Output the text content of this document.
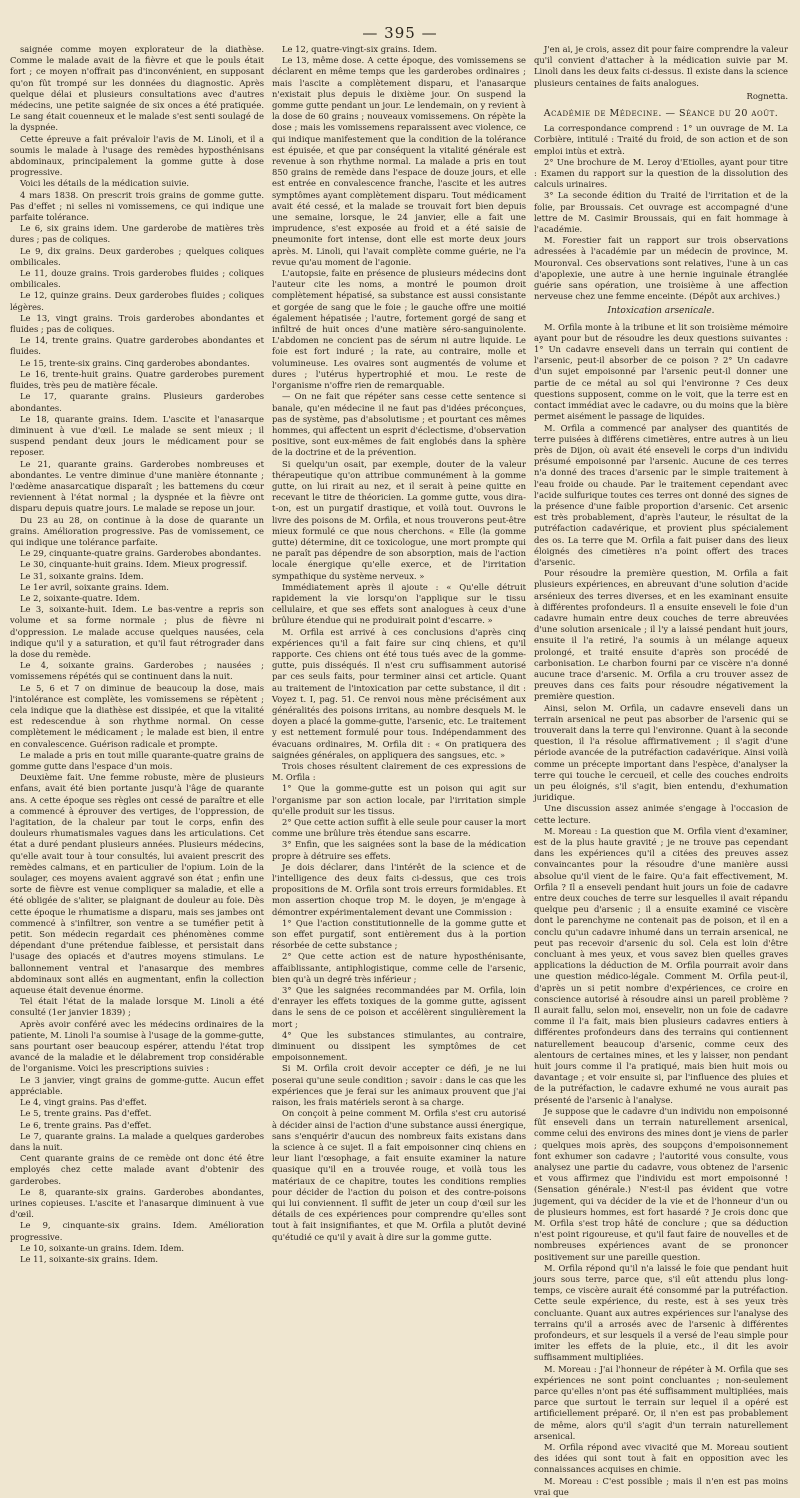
— 395 —

saignée comme moyen explorateur de la diathèse. Comme le malade avait de la fièvre et que le pouls était fort ; ce moyen n'offrait pas d'inconvénient, en supposant qu'on fût trompé sur les données du diagnostic. Après quelque délai et plusieurs consultations avec d'autres médecins, une petite saignée de six onces a été pratiquée. Le sang était couenneux et le malade s'est senti soulagé de la dyspnée.

Cette épreuve a fait prévaloir l'avis de M. Linoli, et il a soumis le malade à l'usage des remèdes hyposthénisans abdominaux, principalement la gomme gutte à dose progressive.

Voici les détails de la médication suivie.

4 mars 1838. On prescrit trois grains de gomme gutte. Pas d'effet ; ni selles ni vomissemens, ce qui indique une parfaite tolérance.

Le 6, six grains idem. Une garderobe de matières très dures ; pas de coliques.

Le 9, dix grains. Deux garderobes ; quelques coliques ombilicales.

Le 11, douze grains. Trois garderobes fluides ; coliques ombilicales.

Le 12, quinze grains. Deux garderobes fluides ; coliques légères.

Le 13, vingt grains. Trois garderobes abondantes et fluides ; pas de coliques.

Le 14, trente grains. Quatre garderobes abondantes et fluides.

Le 15, trente-six grains. Cinq garderobes abondantes.

Le 16, trente-huit grains. Quatre garderobes purement fluides, très peu de matière fécale.

Le 17, quarante grains. Plusieurs garderobes abondantes.

Le 18, quarante grains. Idem. L'ascite et l'anasarque diminuent à vue d'œil. Le malade se sent mieux ; il suspend pendant deux jours le médicament pour se reposer.

Le 21, quarante grains. Garderobes nombreuses et abondantes. Le ventre diminue d'une manière étonnante ; l'œdème anasarcatique disparaît ; les battemens du cœur reviennent à l'état normal ; la dyspnée et la fièvre ont disparu depuis quatre jours. Le malade se repose un jour.

Du 23 au 28, on continue à la dose de quarante un grains. Amélioration progressive. Pas de vomissement, ce qui indique une tolérance parfaite.

Le 29, cinquante-quatre grains. Garderobes abondantes.

Le 30, cinquante-huit grains. Idem. Mieux progressif.

Le 31, soixante grains. Idem.

Le 1er avril, soixante grains. Idem.

Le 2, soixante-quatre. Idem.

Le 3, soixante-huit. Idem. Le bas-ventre a repris son volume et sa forme normale ; plus de fièvre ni d'oppression. Le malade accuse quelques nausées, cela indique qu'il y a saturation, et qu'il faut rétrograder dans la dose du remède.

Le 4, soixante grains. Garderobes ; nausées ; vomissemens répétés qui se continuent dans la nuit.

Le 5, 6 et 7 on diminue de beaucoup la dose, mais l'intolérance est complète, les vomissemens se répètent ; cela indique que la diathèse est dissipée, et que la vitalité est redescendue à son rhythme normal. On cesse complètement le médicament ; le malade est bien, il entre en convalescence. Guérison radicale et prompte.

Le malade a pris en tout mille quarante-quatre grains de gomme gutte dans l'espace d'un mois.

Deuxième fait. Une femme robuste, mère de plusieurs enfans, avait été bien portante jusqu'à l'âge de quarante ans. A cette époque ses règles ont cessé de paraître et elle a commencé à éprouver des vertiges, de l'oppression, de l'agitation, de la chaleur par tout le corps, enfin des douleurs rhumatismales vagues dans les articulations. Cet état a duré pendant plusieurs années. Plusieurs médecins, qu'elle avait tour à tour consultés, lui avaient prescrit des remèdes calmans, et en particulier de l'opium. Loin de la soulager, ces moyens avaient aggravé son état ; enfin une sorte de fièvre est venue compliquer sa maladie, et elle a été obligée de s'aliter, se plaignant de douleur au foie. Dès cette époque le rhumatisme a disparu, mais ses jambes ont commencé à s'infiltrer, son ventre a se tuméfier petit à petit. Son médecin regardait ces phénomènes comme dépendant d'une prétendue faiblesse, et persistait dans l'usage des opiacés et d'autres moyens stimulans. Le ballonnement ventral et l'anasarque des membres abdominaux sont allés en augmentant, enfin la collection aqueuse était devenue énorme.

Tel était l'état de la malade lorsque M. Linoli a été consulté (1er janvier 1839) ;

Après avoir conféré avec les médecins ordinaires de la patiente, M. Linoli l'a soumise à l'usage de la gomme-gutte, sans pourtant oser beaucoup espérer, attendu l'état trop avancé de la maladie et le délabrement trop considérable de l'organisme. Voici les prescriptions suivies :

Le 3 janvier, vingt grains de gomme-gutte. Aucun effet appréciable.

Le 4, vingt grains. Pas d'effet.

Le 5, trente grains. Pas d'effet.

Le 6, trente grains. Pas d'effet.

Le 7, quarante grains. La malade a quelques garderobes dans la nuit.

Cent quarante grains de ce remède ont donc été être employés chez cette malade avant d'obtenir des garderobes.

Le 8, quarante-six grains. Garderobes abondantes, urines copieuses. L'ascite et l'anasarque diminuent à vue d'œil.

Le 9, cinquante-six grains. Idem. Amélioration progressive.

Le 10, soixante-un grains. Idem. Idem.

Le 11, soixante-six grains. Idem.

Le 12, quatre-vingt-six grains. Idem.

Le 13, même dose. A cette époque, des vomissemens se déclarent en même temps que les garderobes ordinaires ; mais l'ascite a complètement disparu, et l'anasarque n'existait plus depuis le dixième jour. On suspend la gomme gutte pendant un jour. Le lendemain, on y revient à la dose de 60 grains ; nouveaux vomissemens. On répète la dose ; mais les vomissemens reparaissent avec violence, ce qui indique manifestement que la condition de la tolérance est épuisée, et que par conséquent la vitalité générale est revenue à son rhythme normal. La malade a pris en tout 850 grains de remède dans l'espace de douze jours, et elle est entrée en convalescence franche, l'ascite et les autres symptômes ayant complètement disparu. Tout médicament avait été cessé, et la malade se trouvait fort bien depuis une semaine, lorsque, le 24 janvier, elle a fait une imprudence, s'est exposée au froid et a été saisie de pneumonite fort intense, dont elle est morte deux jours après. M. Linoli, qui l'avait complète comme guérie, ne l'a revue qu'au moment de l'agonie.

L'autopsie, faite en présence de plusieurs médecins dont l'auteur cite les noms, a montré le poumon droit complètement hépatisé, sa substance est aussi consistante et gorgée de sang que le foie ; le gauche offre une moitié également hépatisée ; l'autre, fortement gorgé de sang et infiltré de huit onces d'une matière séro-sanguinolente. L'abdomen ne concient pas de sérum ni autre liquide. Le foie est fort induré ; la rate, au contraire, molle et volumineuse. Les ovaires sont augmentés de volume et dures ; l'utérus hypertrophié et mou. Le reste de l'organisme n'offre rien de remarquable.

— On ne fait que répéter sans cesse cette sentence si banale, qu'en médecine il ne faut pas d'idées préconçues, pas de système, pas d'absolutisme ; et pourtant ces mêmes hommes, qui affectent un esprit d'éclectisme, d'observation positive, sont eux-mêmes de fait englobés dans la sphère de la doctrine et de la prévention.

Si quelqu'un osait, par exemple, douter de la valeur thérapeutique qu'on attribue communément à la gomme gutte, on lui rirait au nez, et il serait à peine quitte en recevant le titre de théoricien. La gomme gutte, vous dira-t-on, est un purgatif drastique, et voilà tout. Ouvrons le livre des poisons de M. Orfila, et nous trouverons peut-être mieux formulé ce que nous cherchons. « Elle (la gomme gutte) détermine, dit ce toxicologue, une mort prompte qui ne paraît pas dépendre de son absorption, mais de l'action locale énergique qu'elle exerce, et de l'irritation sympathique du système nerveux. »

Immédiatement après il ajoute : « Qu'elle détruit rapidement la vie lorsqu'on l'applique sur le tissu cellulaire, et que ses effets sont analogues à ceux d'une brûlure étendue qui ne produirait point d'escarre. »

M. Orfila est arrivé à ces conclusions d'après cinq expériences qu'il a fait faire sur cinq chiens, et qu'il rapporte. Ces chiens ont été tous tués avec de la gomme-gutte, puis disséqués. Il n'est cru suffisamment autorisé par ces seuls faits, pour terminer ainsi cet article. Quant au traitement de l'intoxication par cette substance, il dit : Voyez t. I, pag. 51. Ce renvoi nous mène précisément aux généralités des poisons irritans, au nombre desquels M. le doyen a placé la gomme-gutte, l'arsenic, etc. Le traitement y est nettement formulé pour tous. Indépendamment des évacuans ordinaires, M. Orfila dit : « On pratiquera des saignées générales, on appliquera des sangsues, etc. »

Trois choses résultent clairement de ces expressions de M. Orfila :

1° Que la gomme-gutte est un poison qui agit sur l'organisme par son action locale, par l'irritation simple qu'elle produit sur les tissus.

2° Que cette action suffit à elle seule pour causer la mort comme une brûlure très étendue sans escarre.

3° Enfin, que les saignées sont la base de la médication propre à détruire ses effets.

Je dois déclarer, dans l'intérêt de la science et de l'intelligence des deux faits ci-dessus, que ces trois propositions de M. Orfila sont trois erreurs formidables. Et mon assertion choque trop M. le doyen, je m'engage à démontrer expérimentalement devant une Commission :

1° Que l'action constitutionnelle de la gomme gutte et son effet purgatif, sont entièrement dus à la portion résorbée de cette substance ;

2° Que cette action est de nature hyposthénisante, affaiblissante, antiphlogistique, comme celle de l'arsenic, bien qu'à un degré très inférieur ;

3° Que les saignées recommandées par M. Orfila, loin d'enrayer les effets toxiques de la gomme gutte, agissent dans le sens de ce poison et accélèrent singulièrement la mort ;

4° Que les substances stimulantes, au contraire, diminuent ou dissipent les symptômes de cet empoisonnement.

Si M. Orfila croit devoir accepter ce défi, je ne lui poserai qu'une seule condition ; savoir : dans le cas que les expériences que je ferai sur les animaux prouvent que j'ai raison, les frais matériels seront à sa charge.

On conçoit à peine comment M. Orfila s'est cru autorisé à décider ainsi de l'action d'une substance aussi énergique, sans s'enquérir d'aucun des nombreux faits existans dans la science à ce sujet. Il a fait empoisonner cinq chiens en leur liant l'œsophage, a fait ensuite examiner la nature quasique qu'il en a trouvée rouge, et voilà tous les matériaux de ce chapitre, toutes les conditions remplies pour décider de l'action du poison et des contre-poisons qui lui conviennent. Il suffit de jeter un coup d'œil sur les détails de ces expériences pour comprendre qu'elles sont tout à fait insignifiantes, et que M. Orfila a plutôt deviné qu'étudié ce qu'il y avait à dire sur la gomme gutte.

J'en ai, je crois, assez dit pour faire comprendre la valeur qu'il convient d'attacher à la médication suivie par M. Linoli dans les deux faits ci-dessus. Il existe dans la science plusieurs centaines de faits analogues.

Rognetta.
Académie de Médecine. — Séance du 20 août.

La correspondance comprend : 1° un ouvrage de M. La Corbière, intitulé : Traité du froid, de son action et de son emploi intùs et extrà.

2° Une brochure de M. Leroy d'Etiolles, ayant pour titre : Examen du rapport sur la question de la dissolution des calculs urinaires.

3° La seconde édition du Traité de l'irritation et de la folie, par Broussais. Cet ouvrage est accompagné d'une lettre de M. Casimir Broussais, qui en fait hommage à l'académie.

M. Forestier fait un rapport sur trois observations adressées à l'académie par un médecin de province, M. Mouronval. Ces observations sont relatives, l'une à un cas d'apoplexie, une autre à une hernie inguinale étranglée guérie sans opération, une troisième à une affection nerveuse chez une femme enceinte. (Dépôt aux archives.)

Intoxication arsenicale.

M. Orfila monte à la tribune et lit son troisième mémoire ayant pour but de résoudre les deux questions suivantes : 1° Un cadavre enseveli dans un terrain qui contient de l'arsenic, peut-il absorber de ce poison ? 2° Un cadavre d'un sujet empoisonné par l'arsenic peut-il donner une partie de ce métal au sol qui l'environne ? Ces deux questions supposent, comme on le voit, que la terre est en contact immédiat avec le cadavre, ou du moins que la bière permet aisément le passage de liquides.

M. Orfila a commencé par analyser des quantités de terre puisées à différens cimetières, entre autres à un lieu près de Dijon, où avait été enseveli le corps d'un individu présumé empoisonné par l'arsenic. Aucune de ces terres n'a donné des traces d'arsenic par le simple traitement à l'eau froide ou chaude. Par le traitement cependant avec l'acide sulfurique toutes ces terres ont donné des signes de la présence d'une faible proportion d'arsenic. Cet arsenic est très probablement, d'après l'auteur, le résultat de la putréfaction cadavérique, et provient plus spécialement des os. La terre que M. Orfila a fait puiser dans des lieux éloignés des cimetières n'a point offert des traces d'arsenic.

Pour résoudre la première question, M. Orfila a fait plusieurs expériences, en abreuvant d'une solution d'acide arsénieux des terres diverses, et en les examinant ensuite à différentes profondeurs. Il a ensuite enseveli le foie d'un cadavre humain entre deux couches de terre abreuvées d'une solution arsenicale ; il l'y a laissé pendant huit jours, ensuite il l'a retiré, l'a soumis à un mélange aqueux prolongé, et traité ensuite d'après son procédé de carbonisation. Le charbon fourni par ce viscère n'a donné aucune trace d'arsenic. M. Orfila a cru trouver assez de preuves dans ces faits pour résoudre négativement la première question.

Ainsi, selon M. Orfila, un cadavre enseveli dans un terrain arsenical ne peut pas absorber de l'arsenic qui se trouverait dans la terre qui l'environne. Quant à la seconde question, il l'a résolue affirmativement ; il s'agit d'une période avancée de la putréfaction cadavérique. Ainsi voilà comme un précepte important dans l'espèce, d'analyser la terre qui touche le cercueil, et celle des couches endroits un peu éloignés, s'il s'agit, bien entendu, d'exhumation juridique.

Une discussion assez animée s'engage à l'occasion de cette lecture.

M. Moreau : La question que M. Orfila vient d'examiner, est de la plus haute gravité ; je ne trouve pas cependant dans les expériences qu'il a citées des preuves assez convaincantes pour la résoudre d'une manière aussi absolue qu'il vient de le faire. Qu'a fait effectivement, M. Orfila ? Il a enseveli pendant huit jours un foie de cadavre entre deux couches de terre sur lesquelles il avait répandu quelque peu d'arsenic ; il a ensuite examiné ce viscère dont le parenchyme ne contenait pas de poison, et il en a conclu qu'un cadavre inhumé dans un terrain arsenical, ne peut pas recevoir d'arsenic du sol. Cela est loin d'être concluant à mes yeux, et vous savez bien quelles graves applications la déduction de M. Orfila pourrait avoir dans une question médico-légale. Comment M. Orfila peut-il, d'après un si petit nombre d'expériences, ce croire en conscience autorisé à résoudre ainsi un pareil problème ? Il aurait fallu, selon moi, ensevelir, non un foie de cadavre comme il l'a fait, mais bien plusieurs cadavres entiers à différentes profondeurs dans des terrains qui contiennent naturellement beaucoup d'arsenic, comme ceux des alentours de certaines mines, et les y laisser, non pendant huit jours comme il l'a pratiqué, mais bien huit mois ou davantage ; et voir ensuite si, par l'influence des pluies et de la putréfaction, le cadavre exhumé ne vous aurait pas présenté de l'arsenic à l'analyse.

Je suppose que le cadavre d'un individu non empoisonné fût enseveli dans un terrain naturellement arsenical, comme celui des environs des mines dont je viens de parler ; quelques mois après, des soupçons d'empoisonnement font exhumer son cadavre ; l'autorité vous consulte, vous analysez une partie du cadavre, vous obtenez de l'arsenic et vous affirmez que l'individu est mort empoisonné ! (Sensation générale.) N'est-il pas évident que votre jugement, qui va décider de la vie et de l'honneur d'un ou de plusieurs hommes, est fort hasardé ? Je crois donc que M. Orfila s'est trop hâté de conclure ; que sa déduction n'est point rigoureuse, et qu'il faut faire de nouvelles et de nombreuses expériences avant de se prononcer positivement sur une pareille question.

M. Orfila répond qu'il n'a laissé le foie que pendant huit jours sous terre, parce que, s'il eût attendu plus long-temps, ce viscère aurait été consommé par la putréfaction. Cette seule expérience, du reste, est à ses yeux très concluante. Quant aux autres expériences sur l'analyse des terrains qu'il a arrosés avec de l'arsenic à différentes profondeurs, et sur lesquels il a versé de l'eau simple pour imiter les effets de la pluie, etc., il dit les avoir suffisamment multipliées.

M. Moreau : J'ai l'honneur de répéter à M. Orfila que ses expériences ne sont point concluantes ; non-seulement parce qu'elles n'ont pas été suffisamment multipliées, mais parce que surtout le terrain sur lequel il a opéré est artificiellement préparé. Or, il n'en est pas probablement de même, alors qu'il s'agit d'un terrain naturellement arsenical.

M. Orfila répond avec vivacité que M. Moreau soutient des idées qui sont tout à fait en opposition avec les connaissances acquises en chimie.

M. Moreau : C'est possible ; mais il n'en est pas moins vrai que
